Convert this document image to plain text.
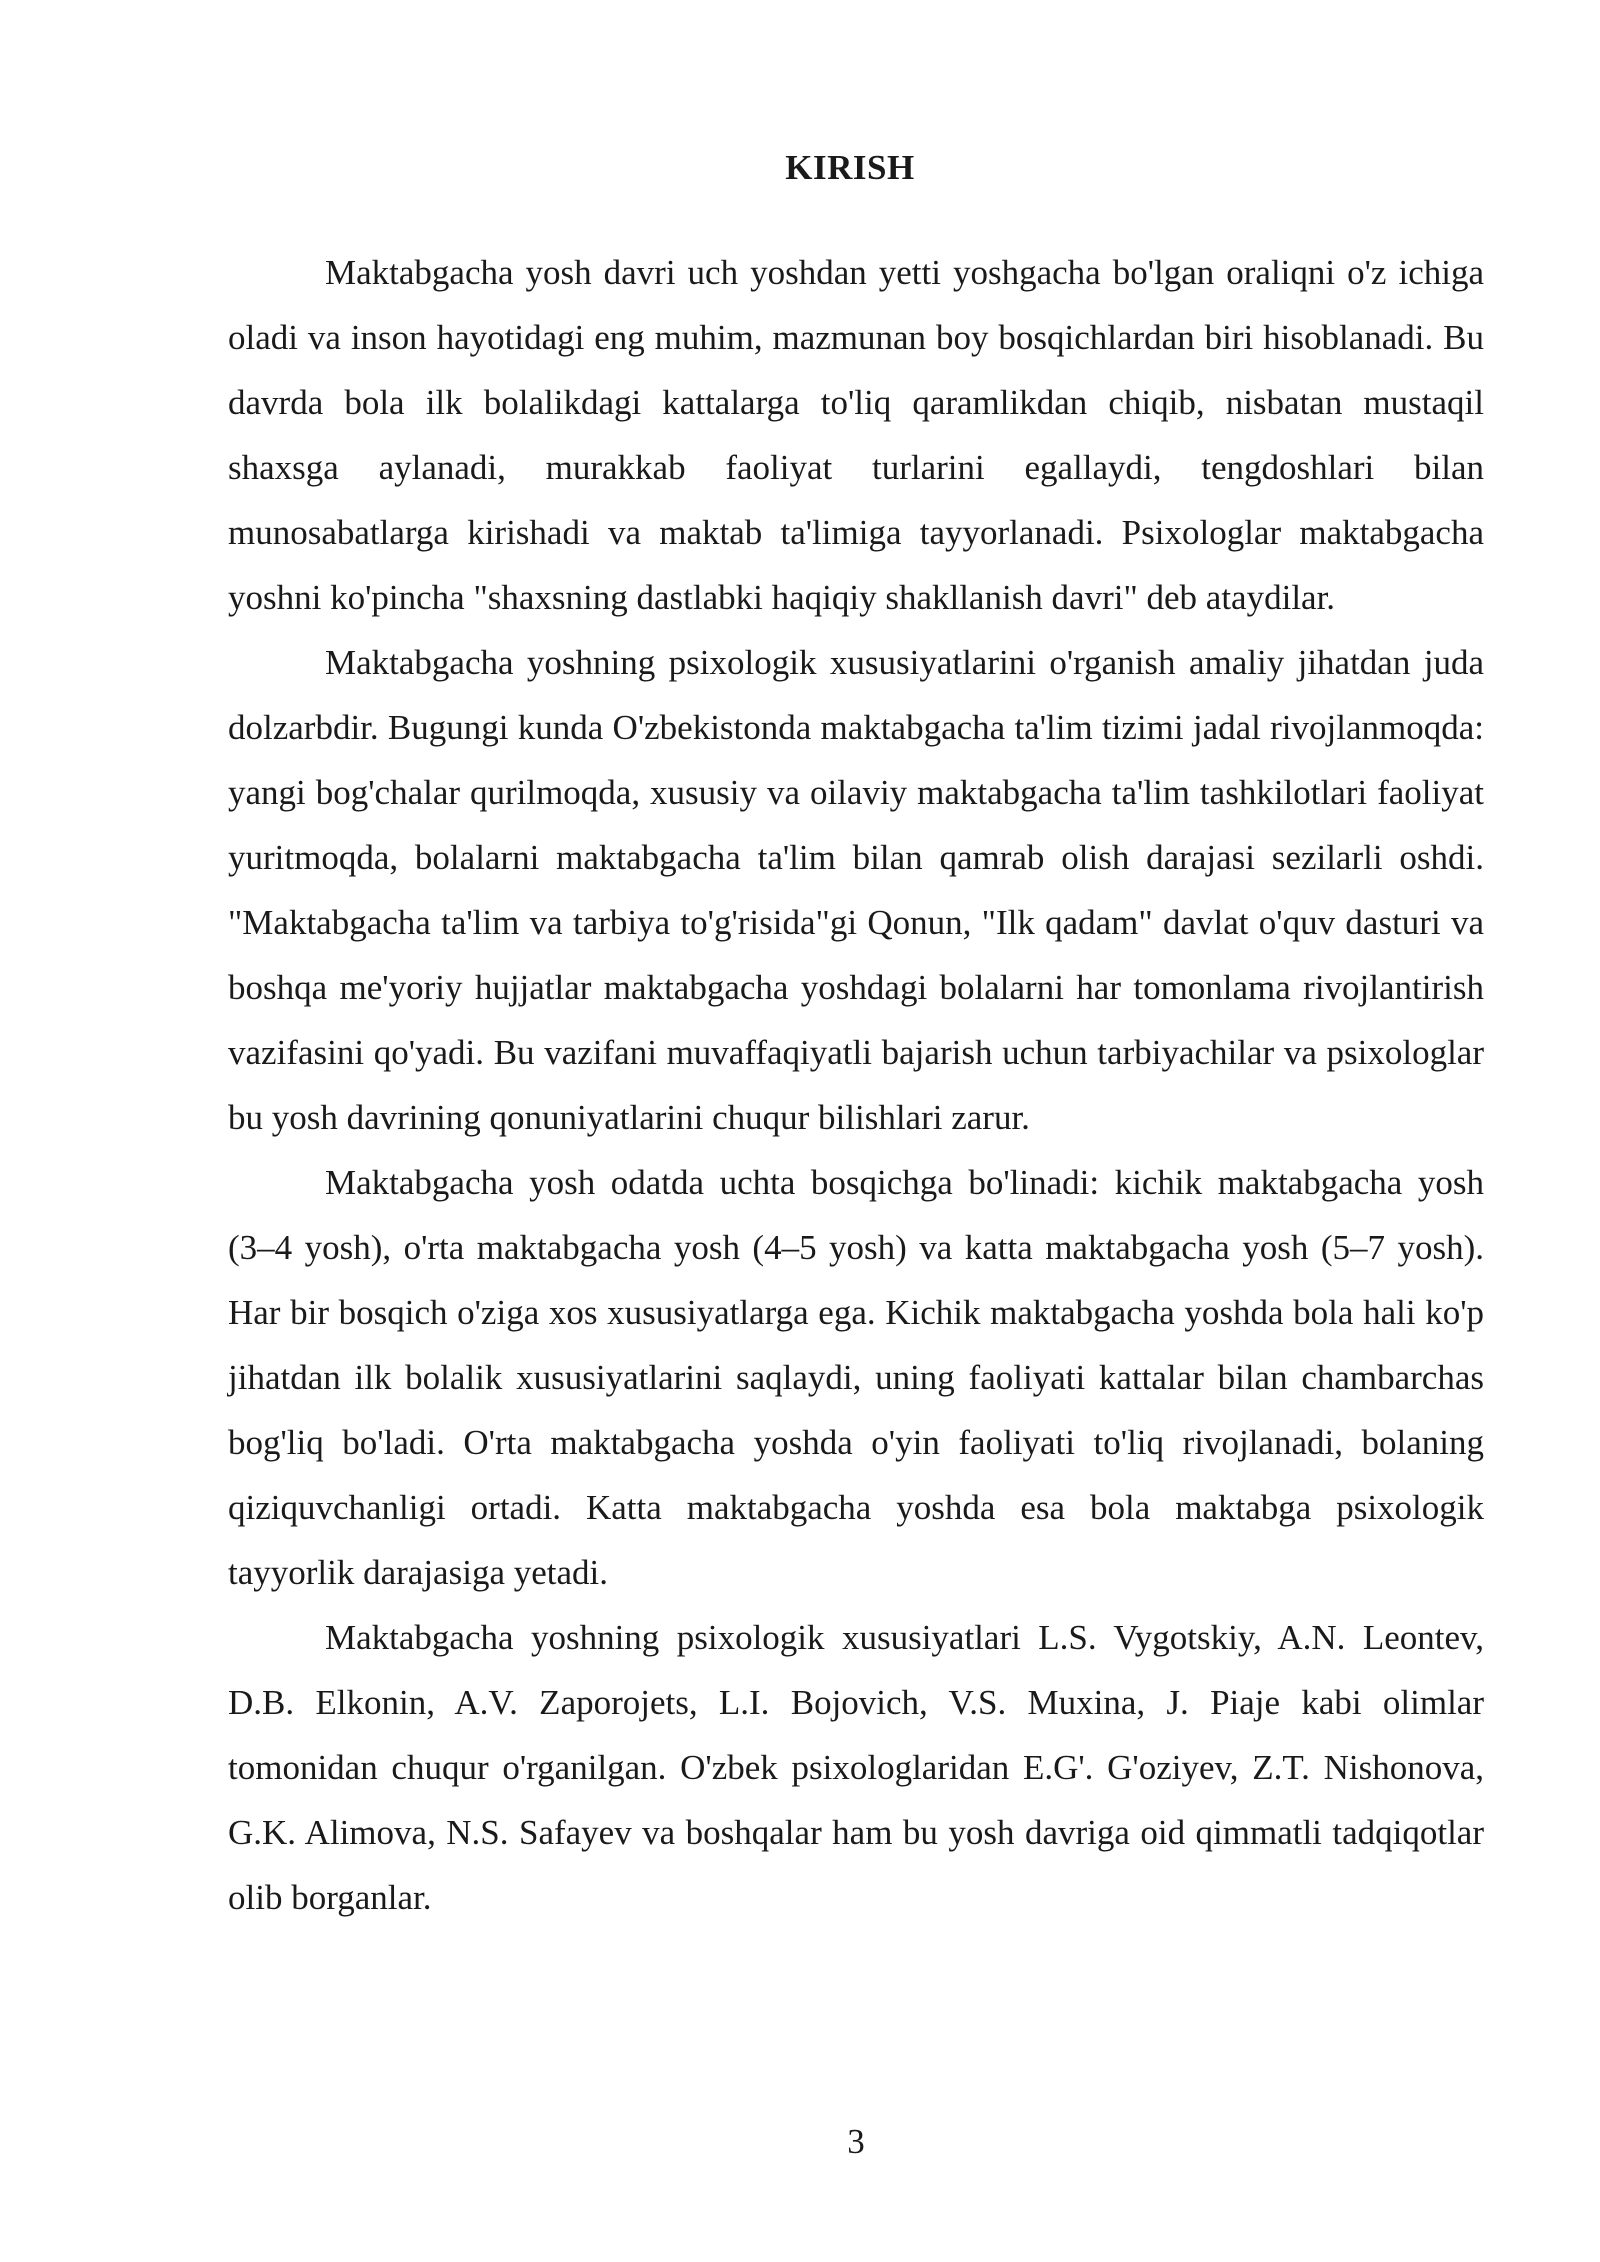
KIRISH

Maktabgacha yosh davri uch yoshdan yetti yoshgacha bo'lgan oraliqni o'z ichiga oladi va inson hayotidagi eng muhim, mazmunan boy bosqichlardan biri hisoblanadi. Bu davrda bola ilk bolalikdagi kattalarga to'liq qaramlikdan chiqib, nisbatan mustaqil shaxsga aylanadi, murakkab faoliyat turlarini egallaydi, tengdoshlari bilan munosabatlarga kirishadi va maktab ta'limiga tayyorlanadi. Psixologlar maktabgacha yoshni ko'pincha "shaxsning dastlabki haqiqiy shakllanish davri" deb ataydilar.

Maktabgacha yoshning psixologik xususiyatlarini o'rganish amaliy jihatdan juda dolzarbdir. Bugungi kunda O'zbekistonda maktabgacha ta'lim tizimi jadal rivojlanmoqda: yangi bog'chalar qurilmoqda, xususiy va oilaviy maktabgacha ta'lim tashkilotlari faoliyat yuritmoqda, bolalarni maktabgacha ta'lim bilan qamrab olish darajasi sezilarli oshdi. "Maktabgacha ta'lim va tarbiya to'g'risida"gi Qonun, "Ilk qadam" davlat o'quv dasturi va boshqa me'yoriy hujjatlar maktabgacha yoshdagi bolalarni har tomonlama rivojlantirish vazifasini qo'yadi. Bu vazifani muvaffaqiyatli bajarish uchun tarbiyachilar va psixologlar bu yosh davrining qonuniyatlarini chuqur bilishlari zarur.

Maktabgacha yosh odatda uchta bosqichga bo'linadi: kichik maktabgacha yosh (3–4 yosh), o'rta maktabgacha yosh (4–5 yosh) va katta maktabgacha yosh (5–7 yosh). Har bir bosqich o'ziga xos xususiyatlarga ega. Kichik maktabgacha yoshda bola hali ko'p jihatdan ilk bolalik xususiyatlarini saqlaydi, uning faoliyati kattalar bilan chambarchas bog'liq bo'ladi. O'rta maktabgacha yoshda o'yin faoliyati to'liq rivojlanadi, bolaning qiziquvchanligi ortadi. Katta maktabgacha yoshda esa bola maktabga psixologik tayyorlik darajasiga yetadi.

Maktabgacha yoshning psixologik xususiyatlari L.S. Vygotskiy, A.N. Leontev, D.B. Elkonin, A.V. Zaporojets, L.I. Bojovich, V.S. Muxina, J. Piaje kabi olimlar tomonidan chuqur o'rganilgan. O'zbek psixologlaridan E.G'. G'oziyev, Z.T. Nishonova, G.K. Alimova, N.S. Safayev va boshqalar ham bu yosh davriga oid qimmatli tadqiqotlar olib borganlar.

3
